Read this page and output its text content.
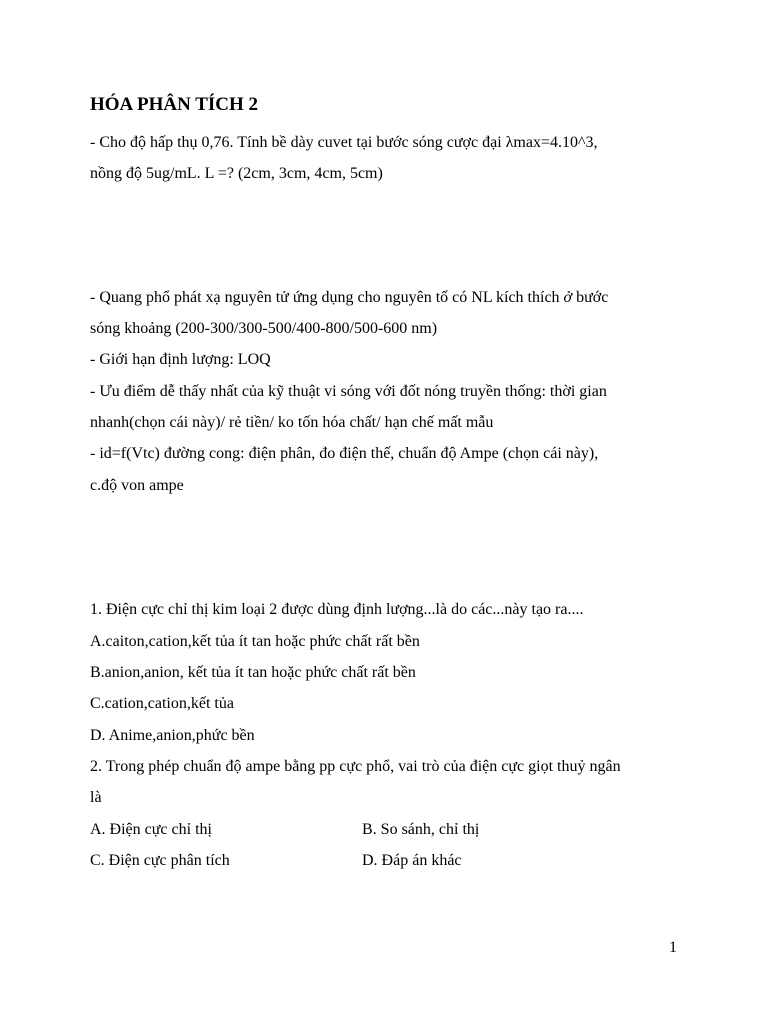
HÓA PHÂN TÍCH 2
- Cho độ hấp thụ 0,76. Tính bề dày cuvet tại bước sóng cược đại λmax=4.10^3,
nồng độ 5ug/mL. L =? (2cm, 3cm, 4cm, 5cm)
- Quang phổ phát xạ nguyên tử ứng dụng cho nguyên tố có NL kích thích ở bước
sóng khoảng (200-300/300-500/400-800/500-600 nm)
- Giới hạn định lượng: LOQ
- Ưu điểm dễ thấy nhất của kỹ thuật vi sóng với đốt nóng truyền thống: thời gian
nhanh(chọn cái này)/ rẻ tiền/ ko tốn hóa chất/ hạn chế mất mẫu
- id=f(Vtc) đường cong: điện phân, đo điện thế, chuẩn độ Ampe (chọn cái này),
c.độ von ampe
1. Điện cực chỉ thị kim loại 2 được dùng định lượng...là do các...này tạo ra....
A.caiton,cation,kết tủa ít tan hoặc phức chất rất bền
B.anion,anion, kết tủa ít tan hoặc phức chất rất bền
C.cation,cation,kết tủa
D. Anime,anion,phức bền
2. Trong phép chuẩn độ ampe bằng pp cực phổ, vai trò của điện cực giọt thuỷ ngân
là
A. Điện cực chỉ thị	B. So sánh, chỉ thị
C. Điện cực phân tích	D. Đáp án khác
1
